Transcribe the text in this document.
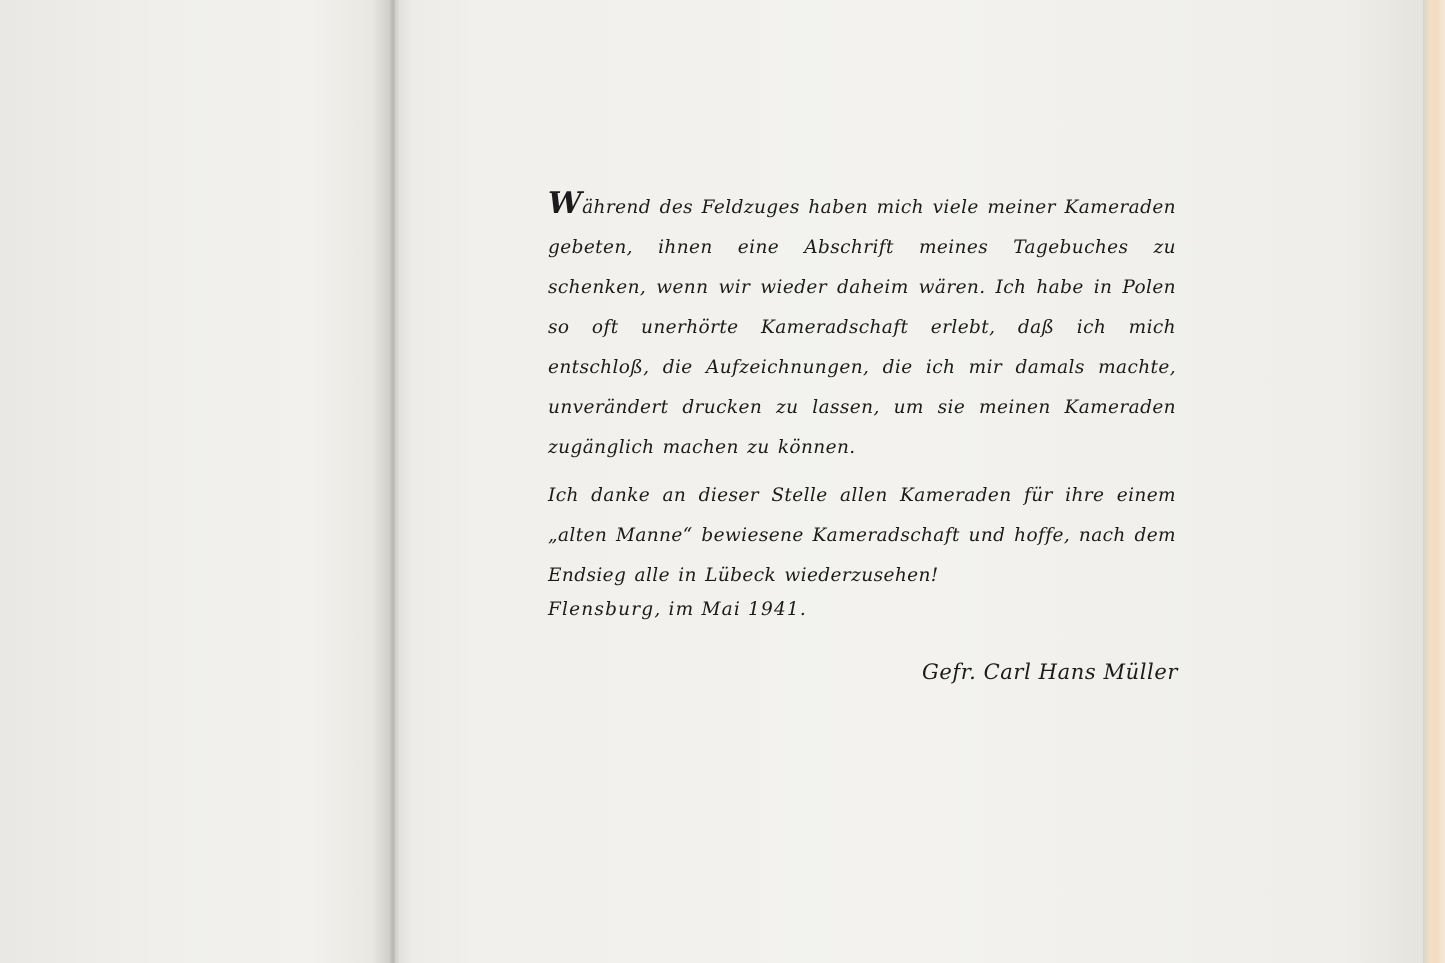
Während des Feldzuges haben mich viele meiner Kameraden gebeten, ihnen eine Abschrift meines Tagebuches zu schenken, wenn wir wieder daheim wären. Ich habe in Polen so oft unerhörte Kameradschaft erlebt, daß ich mich entschloß, die Aufzeichnungen, die ich mir damals machte, unverändert drucken zu lassen, um sie meinen Kameraden zugänglich machen zu können.

Ich danke an dieser Stelle allen Kameraden für ihre einem „alten Manne“ bewiesene Kameradschaft und hoffe, nach dem Endsieg alle in Lübeck wiederzusehen!

Flensburg, im Mai 1941.
Gefr. Carl Hans Müller
